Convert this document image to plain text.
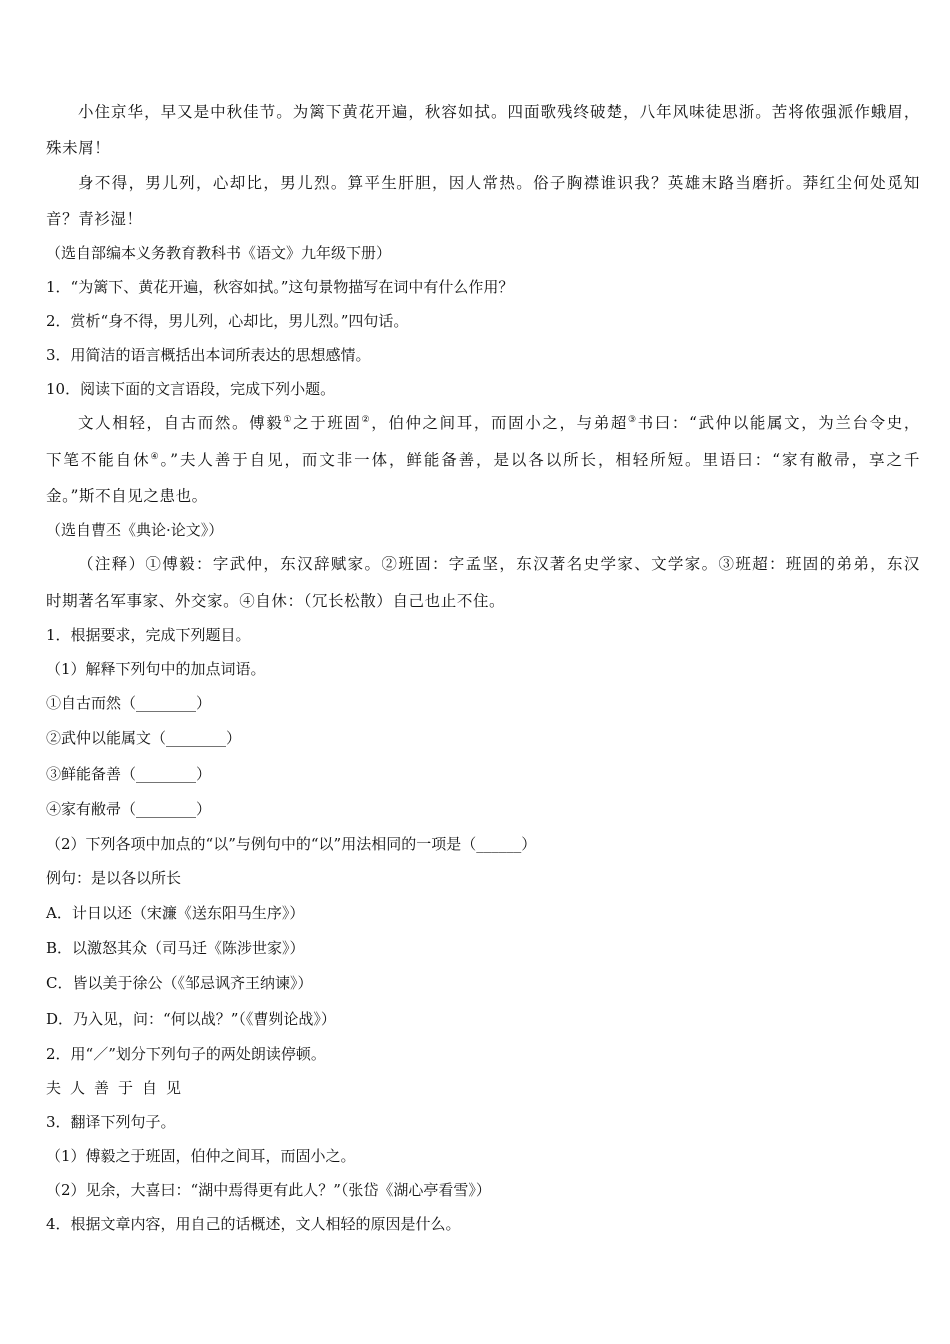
小住京华，早又是中秋佳节。为篱下黄花开遍，秋容如拭。四面歌残终破楚，八年风味徒思浙。苦将侬强派作蛾眉，
殊未屑！
身不得，男儿列，心却比，男儿烈。算平生肝胆，因人常热。俗子胸襟谁识我？英雄末路当磨折。莽红尘何处觅知
音？青衫湿！
（选自部编本义务教育教科书《语文》九年级下册）
1．“为篱下、黄花开遍，秋容如拭。”这句景物描写在词中有什么作用？
2．赏析“身不得，男儿列，心却比，男儿烈。”四句话。
3．用简洁的语言概括出本词所表达的思想感情。
10．阅读下面的文言语段，完成下列小题。
文人相轻，自古而然。傅毅①之于班固②，伯仲之间耳，而固小之，与弟超③书曰：“武仲以能属文，为兰台令史，
下笔不能自休④。”夫人善于自见，而文非一体，鲜能备善，是以各以所长，相轻所短。里语曰：“家有敝帚，享之千
金。”斯不自见之患也。
（选自曹丕《典论·论文》）
（注释）①傅毅：字武仲，东汉辞赋家。②班固：字孟坚，东汉著名史学家、文学家。③班超：班固的弟弟，东汉
时期著名军事家、外交家。④自休：（冗长松散）自己也止不住。
1．根据要求，完成下列题目。
（1）解释下列句中的加点词语。
①自古而然（________）
②武仲以能属文（________）
③鲜能备善（________）
④家有敝帚（________）
（2）下列各项中加点的“以”与例句中的“以”用法相同的一项是（______）
例句：是以各以所长
A．计日以还（宋濂《送东阳马生序》）
B．以激怒其众（司马迁《陈涉世家》）
C．皆以美于徐公（《邹忌讽齐王纳谏》）
D．乃入见，问：“何以战？”（《曹刿论战》）
2．用“／”划分下列句子的两处朗读停顿。
夫人善于自见
3．翻译下列句子。
（1）傅毅之于班固，伯仲之间耳，而固小之。
（2）见余，大喜曰：“湖中焉得更有此人？”（张岱《湖心亭看雪》）
4．根据文章内容，用自己的话概述，文人相轻的原因是什么。
